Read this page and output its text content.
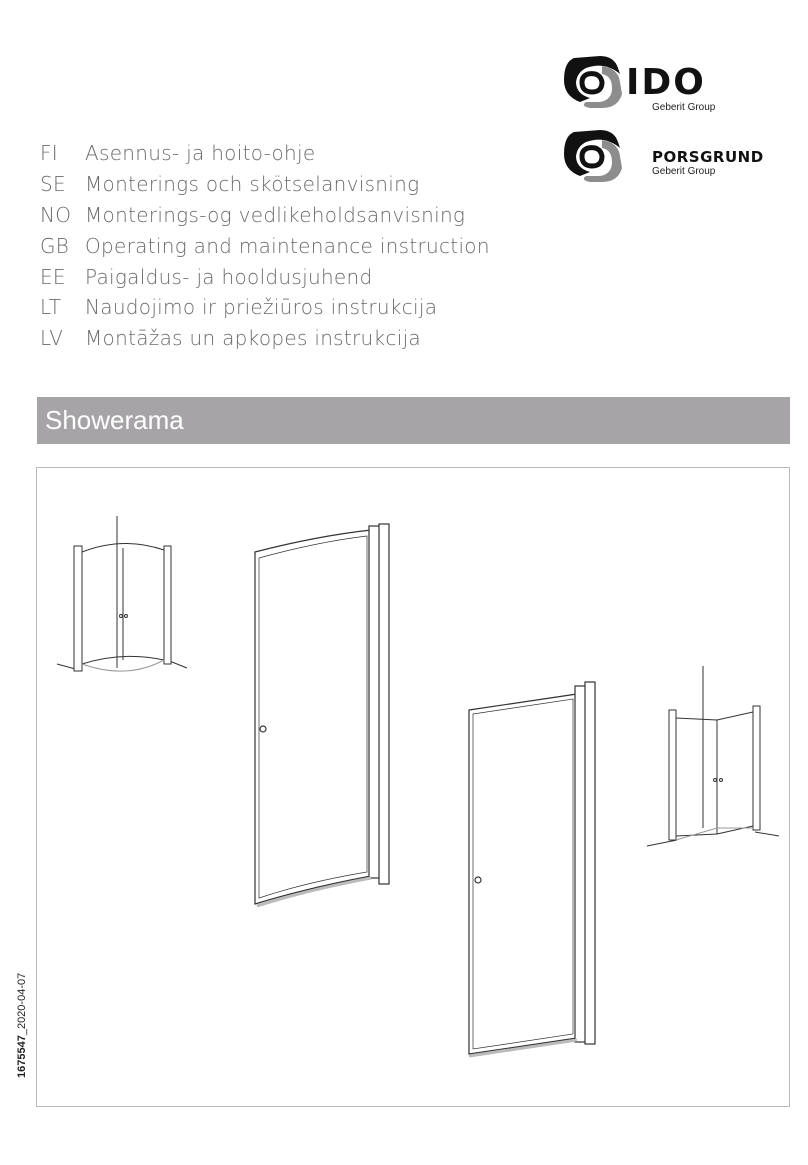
FI	Asennus- ja hoito-ohje
SE Monterings och skötselanvisning
NO Monterings-og vedlikeholdsanvisning
GB Operating and maintenance instruction
EE Paigaldus- ja hooldusjuhend
LT	Naudojimo ir priežiūros instrukcija
LV	Montāžas un apkopes instrukcija
IDO
Geberit Group
PORSGRUND
Geberit Group
Showerama
1675547_2020-04-07
